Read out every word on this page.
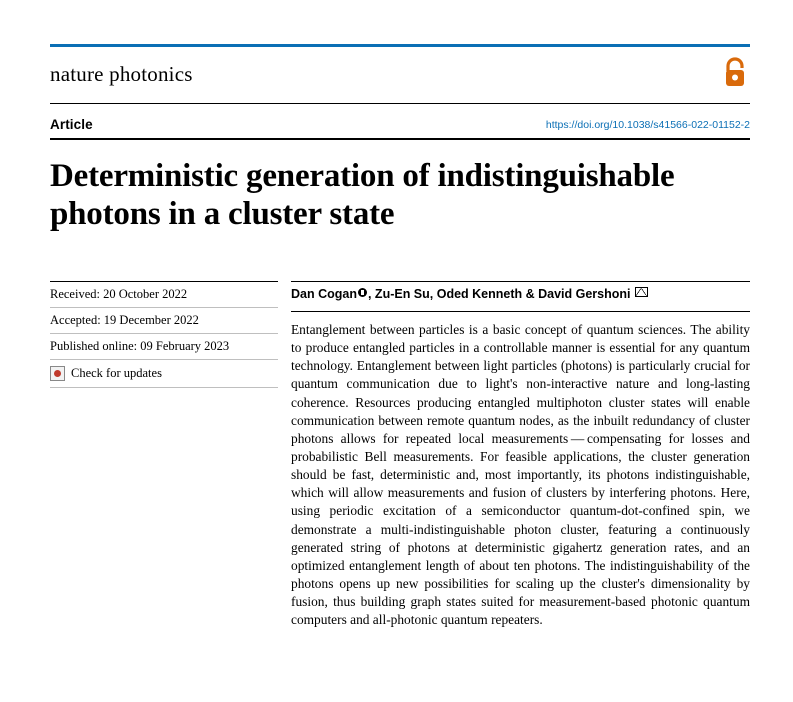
nature photonics
Article	https://doi.org/10.1038/s41566-022-01152-2
Deterministic generation of indistinguishable photons in a cluster state
Received: 20 October 2022
Accepted: 19 December 2022
Published online: 09 February 2023
Check for updates
Dan Cogan , Zu-En Su, Oded Kenneth & David Gershoni

Entanglement between particles is a basic concept of quantum sciences. The ability to produce entangled particles in a controllable manner is essential for any quantum technology. Entanglement between light particles (photons) is particularly crucial for quantum communication due to light's non-interactive nature and long-lasting coherence. Resources producing entangled multiphoton cluster states will enable communication between remote quantum nodes, as the inbuilt redundancy of cluster photons allows for repeated local measurements — compensating for losses and probabilistic Bell measurements. For feasible applications, the cluster generation should be fast, deterministic and, most importantly, its photons indistinguishable, which will allow measurements and fusion of clusters by interfering photons. Here, using periodic excitation of a semiconductor quantum-dot-confined spin, we demonstrate a multi-indistinguishable photon cluster, featuring a continuously generated string of photons at deterministic gigahertz generation rates, and an optimized entanglement length of about ten photons. The indistinguishability of the photons opens up new possibilities for scaling up the cluster's dimensionality by fusion, thus building graph states suited for measurement-based photonic quantum computers and all-photonic quantum repeaters.
